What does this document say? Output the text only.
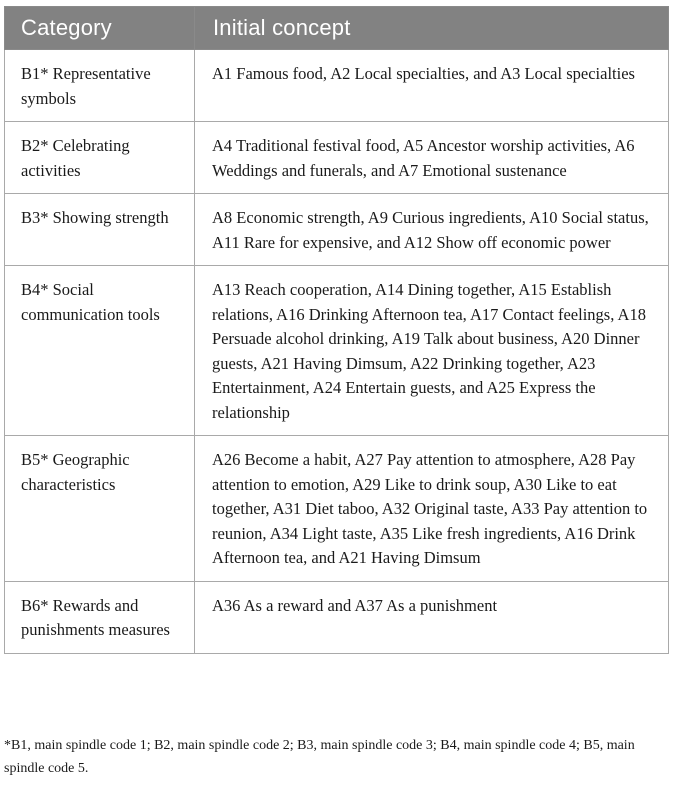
Category	Initial concept
B1* Representative symbols	A1 Famous food, A2 Local specialties, and A3 Local specialties
B2* Celebrating activities	A4 Traditional festival food, A5 Ancestor worship activities, A6 Weddings and funerals, and A7 Emotional sustenance
B3* Showing strength	A8 Economic strength, A9 Curious ingredients, A10 Social status, A11 Rare for expensive, and A12 Show off economic power
B4* Social communication tools	A13 Reach cooperation, A14 Dining together, A15 Establish relations, A16 Drinking Afternoon tea, A17 Contact feelings, A18 Persuade alcohol drinking, A19 Talk about business, A20 Dinner guests, A21 Having Dimsum, A22 Drinking together, A23 Entertainment, A24 Entertain guests, and A25 Express the relationship
B5* Geographic characteristics	A26 Become a habit, A27 Pay attention to atmosphere, A28 Pay attention to emotion, A29 Like to drink soup, A30 Like to eat together, A31 Diet taboo, A32 Original taste, A33 Pay attention to reunion, A34 Light taste, A35 Like fresh ingredients, A16 Drink Afternoon tea, and A21 Having Dimsum
B6* Rewards and punishments measures	A36 As a reward and A37 As a punishment
*B1, main spindle code 1; B2, main spindle code 2; B3, main spindle code 3; B4, main spindle code 4; B5, main spindle code 5.
